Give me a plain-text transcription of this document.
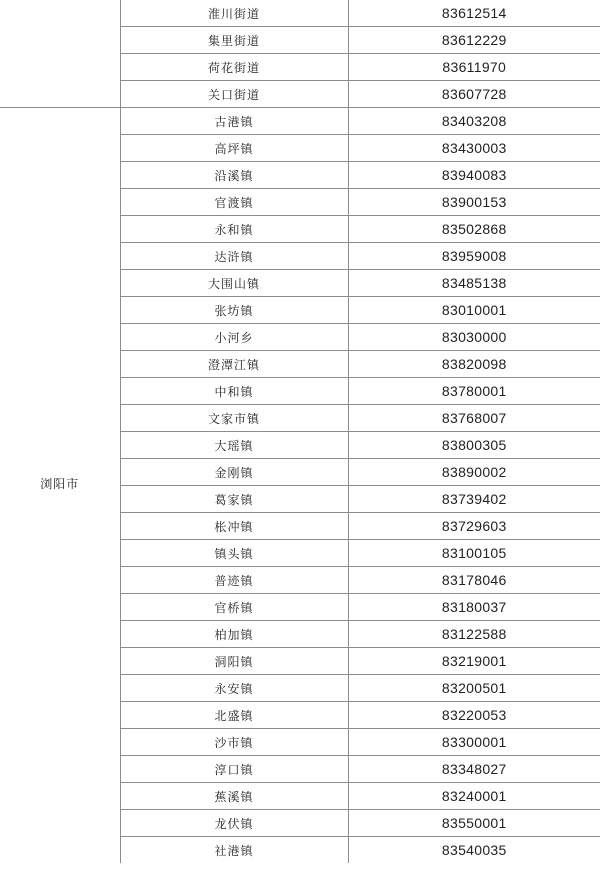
	淮川街道	83612514
	集里街道	83612229
	荷花街道	83611970
	关口街道	83607728
浏阳市	古港镇	83403208
	高坪镇	83430003
	沿溪镇	83940083
	官渡镇	83900153
	永和镇	83502868
	达浒镇	83959008
	大围山镇	83485138
	张坊镇	83010001
	小河乡	83030000
	澄潭江镇	83820098
	中和镇	83780001
	文家市镇	83768007
	大瑶镇	83800305
	金刚镇	83890002
	葛家镇	83739402
	枨冲镇	83729603
	镇头镇	83100105
	普迹镇	83178046
	官桥镇	83180037
	柏加镇	83122588
	洞阳镇	83219001
	永安镇	83200501
	北盛镇	83220053
	沙市镇	83300001
	淳口镇	83348027
	蕉溪镇	83240001
	龙伏镇	83550001
	社港镇	83540035
